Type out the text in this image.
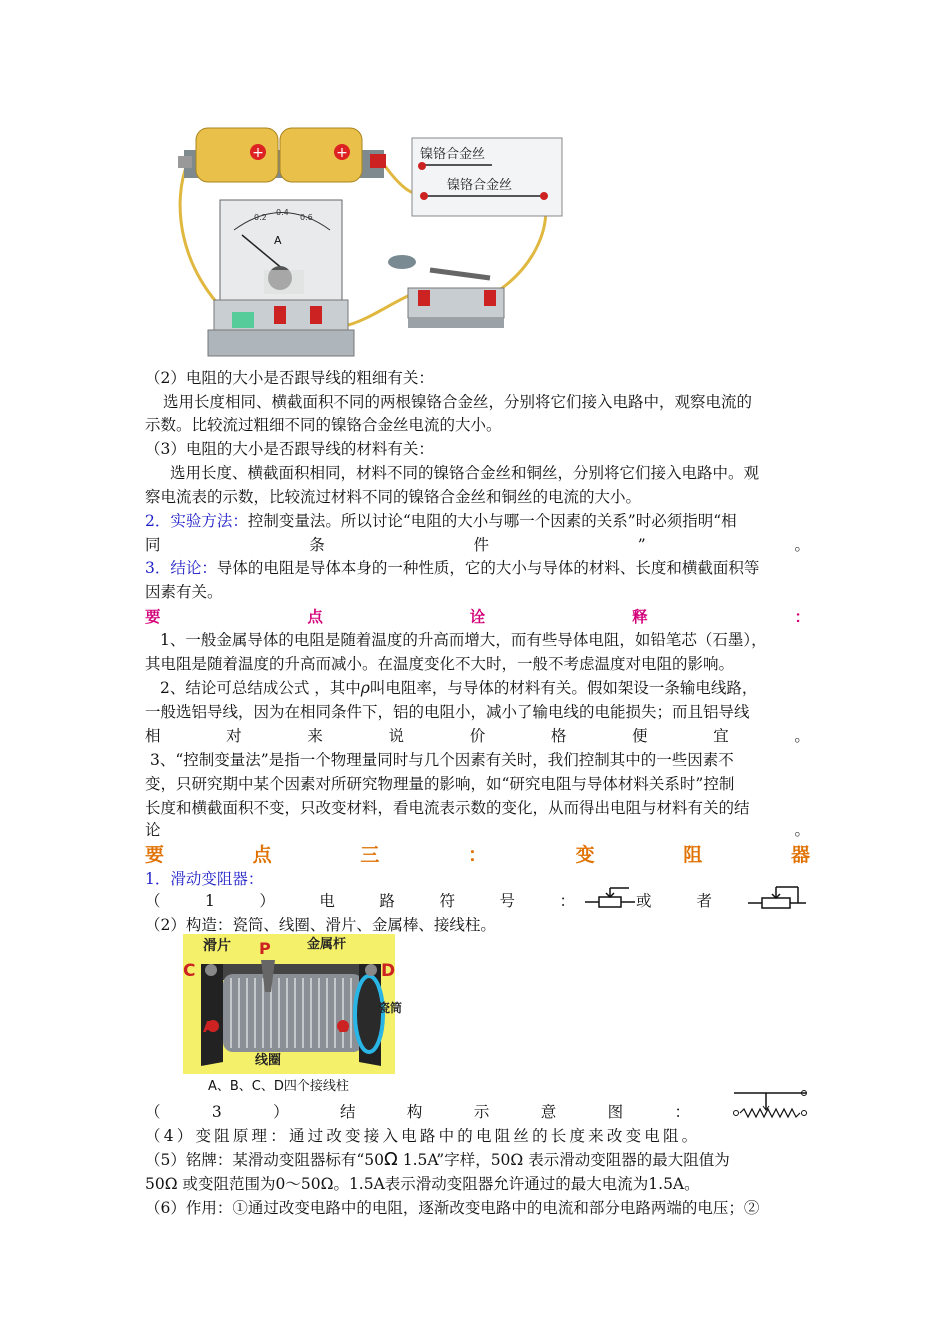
+	+	镍铬合金丝
镍铬合金丝
0.2
0.4
0.6
A
（2）电阻的大小是否跟导线的粗细有关：
选用长度相同、横截面积不同的两根镍铬合金丝，分别将它们接入电路中，观察电流的
示数。比较流过粗细不同的镍铬合金丝电流的大小。
（3）电阻的大小是否跟导线的材料有关：
选用长度、横截面积相同，材料不同的镍铬合金丝和铜丝，分别将它们接入电路中。观
察电流表的示数，比较流过材料不同的镍铬合金丝和铜丝的电流的大小。
2．实验方法：控制变量法。所以讨论“电阻的大小与哪一个因素的关系”时必须指明“相
同	条	件	”	。
3．结论：导体的电阻是导体本身的一种性质，它的大小与导体的材料、长度和横截面积等
因素有关。
要	点	诠	释	：
1、一般金属导体的电阻是随着温度的升高而增大，而有些导体电阻，如铅笔芯（石墨），
其电阻是随着温度的升高而减小。在温度变化不大时，一般不考虑温度对电阻的影响。
2、结论可总结成公式 ，其中ρ叫电阻率，与导体的材料有关。假如架设一条输电线路，
一般选铝导线，因为在相同条件下，铝的电阻小，减小了输电线的电能损失；而且铝导线
相	对	来	说	价	格	便	宜	。
3、“控制变量法”是指一个物理量同时与几个因素有关时，我们控制其中的一些因素不
变，只研究期中某个因素对所研究物理量的影响，如“研究电阻与导体材料关系时”控制
长度和横截面积不变，只改变材料，看电流表示数的变化，从而得出电阻与材料有关的结
论	。
要	点	三	：	变	阻	器
1．滑动变阻器：
（	1	）	电	路	符	号	：	或	者
（2）构造：瓷筒、线圈、滑片、金属棒、接线柱。
滑片 P	金属杆
C	D
A	B
线圈
瓷筒
A、B、C、D四个接线柱
（	3	）	结	构	示	意	图	：
（4）变阻原理：通过改变接入电路中的电阻丝的长度来改变电阻。
（5）铭牌：某滑动变阻器标有“50Ω 1.5A”字样，50Ω 表示滑动变阻器的最大阻值为
50Ω 或变阻范围为0～50Ω。1.5A表示滑动变阻器允许通过的最大电流为1.5A。
（6）作用：①通过改变电路中的电阻，逐渐改变电路中的电流和部分电路两端的电压；②
